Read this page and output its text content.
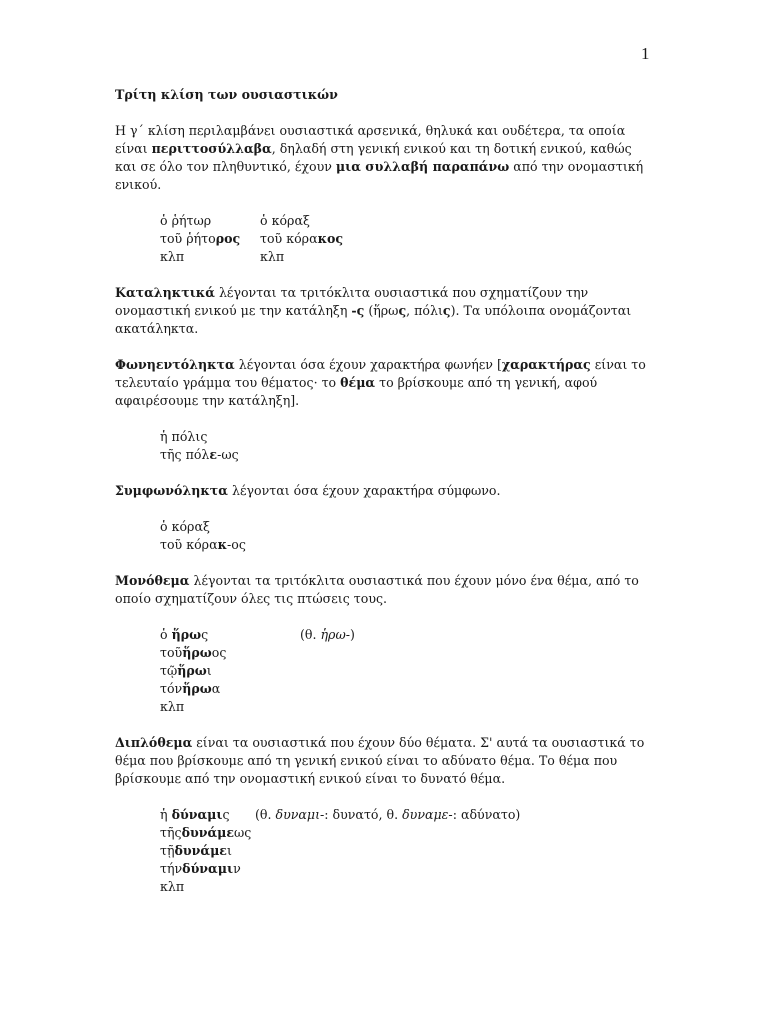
1

Τρίτη κλίση των ουσιαστικών

Η γ΄ κλίση περιλαμβάνει ουσιαστικά αρσενικά, θηλυκά και ουδέτερα, τα οποία είναι περιττοσύλλαβα, δηλαδή στη γενική ενικού και τη δοτική ενικού, καθώς και σε όλο τον πληθυντικό, έχουν μια συλλαβή παραπάνω από την ονομαστική ενικού.

ὁ ῥήτωρ	ὁ κόραξ
τοῦ ῥήτορος	τοῦ κόρακος
κλπ	κλπ

Καταληκτικά λέγονται τα τριτόκλιτα ουσιαστικά που σχηματίζουν την ονομαστική ενικού με την κατάληξη -ς (ἥρως, πόλις). Τα υπόλοιπα ονομάζονται ακατάληκτα.

Φωνηεντόληκτα λέγονται όσα έχουν χαρακτήρα φωνήεν [χαρακτήρας είναι το τελευταίο γράμμα του θέματος· το θέμα το βρίσκουμε από τη γενική, αφού αφαιρέσουμε την κατάληξη].

ἡ πόλις
τῆς πόλ ε -ως

Συμφωνόληκτα λέγονται όσα έχουν χαρακτήρα σύμφωνο.

ὁ κόραξ
τοῦ κόρα κ -ος

Μονόθεμα λέγονται τα τριτόκλιτα ουσιαστικά που έχουν μόνο ένα θέμα, από το οποίο σχηματίζουν όλες τις πτώσεις τους.

ὁ ἥρως	(θ. ἡρω-)
τοῦ ἥρω ος
τῷ ἥρω ι
τόν ἥρω α
κλπ

Διπλόθεμα είναι τα ουσιαστικά που έχουν δύο θέματα. Σ' αυτά τα ουσιαστικά το θέμα που βρίσκουμε από τη γενική ενικού είναι το αδύνατο θέμα. Το θέμα που βρίσκουμε από την ονομαστική ενικού είναι το δυνατό θέμα.

ἡ δύναμις	(θ. δυναμι-: δυνατό, θ. δυναμε-: αδύνατο)
τῆς δυνάμε ως
τῇ δυνάμε ι
τήν δύναμι ν
κλπ
